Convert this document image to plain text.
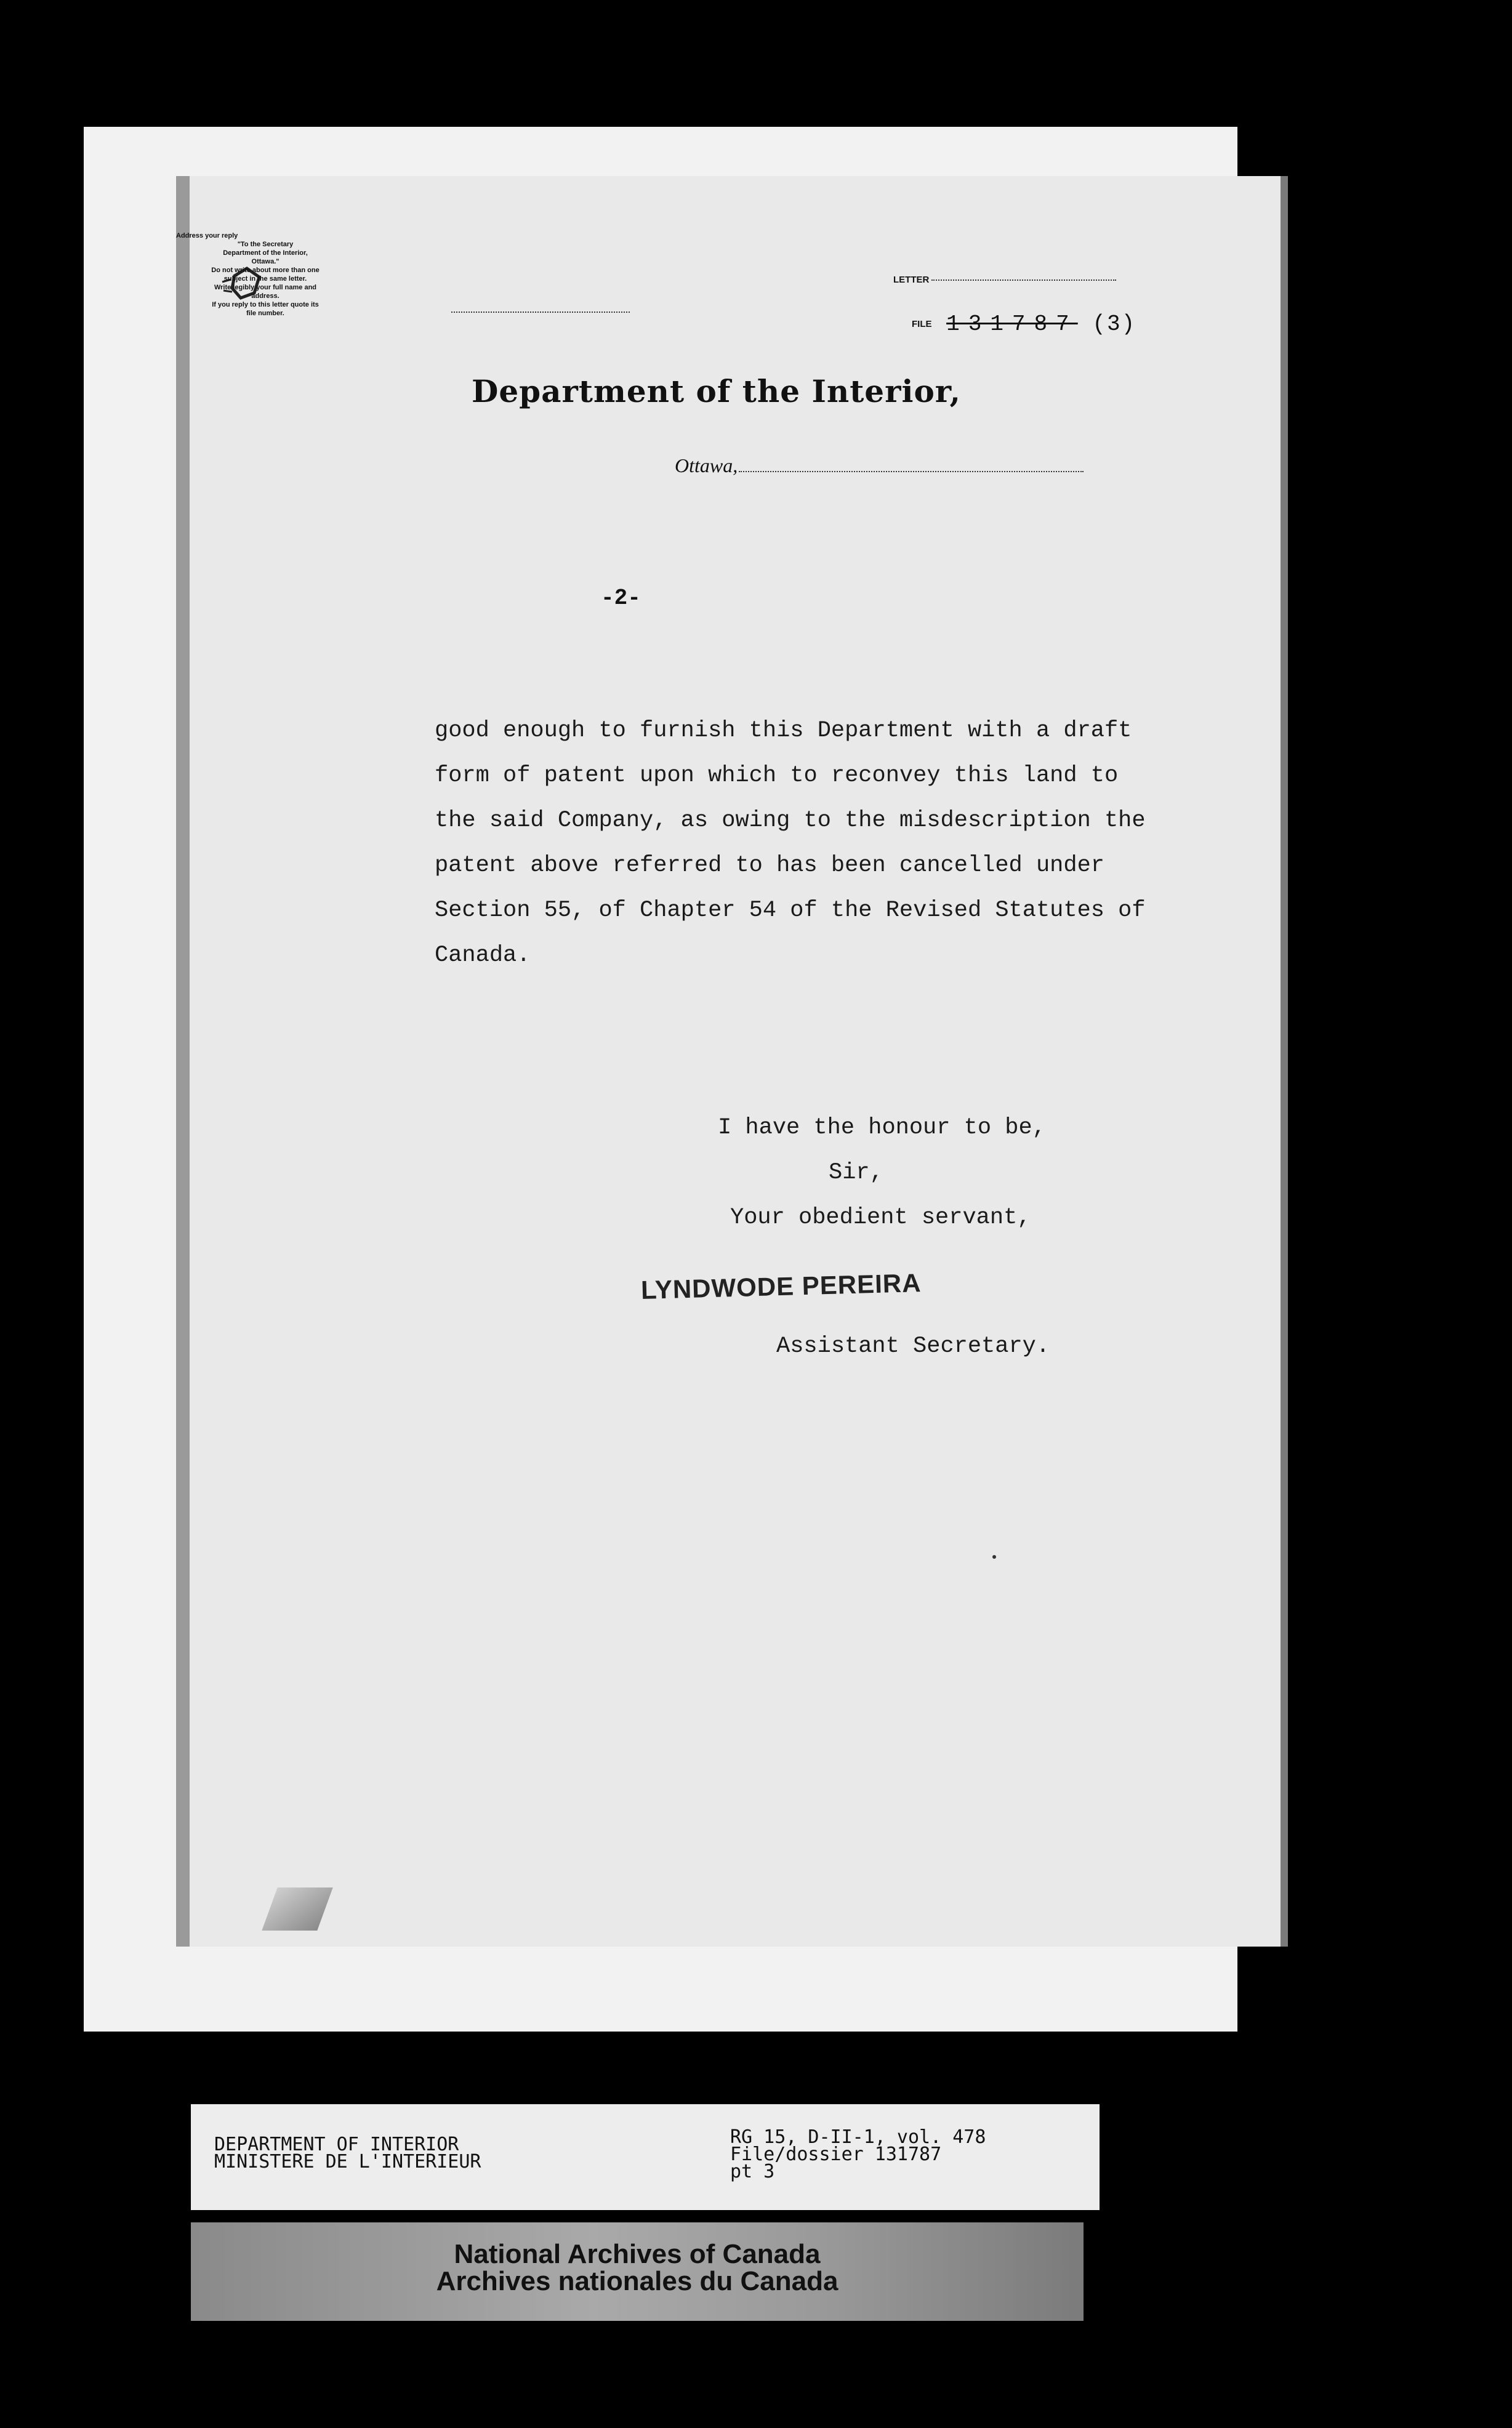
Address your reply
"To the Secretary
Department of the Interior,
Ottawa."
Do not write about more than one
subject in the same letter.
Write legibly your full name and
address.
If you reply to this letter quote its
file number.
LETTER
FILE 131787 (3)
Department of the Interior,
Ottawa,
-2-
good enough to furnish this Department with a draft
form of patent upon which to reconvey this land to
the said Company, as owing to the misdescription the
patent above referred to has been cancelled under
Section 55, of Chapter 54 of the Revised Statutes of
Canada.
I have the honour to be,
Sir,
Your obedient servant,
LYNDWODE PEREIRA
Assistant Secretary.
DEPARTMENT OF INTERIOR
MINISTERE DE L'INTERIEUR
RG 15, D-II-1, vol. 478
File/dossier 131787
pt 3
National Archives of Canada
Archives nationales du Canada
